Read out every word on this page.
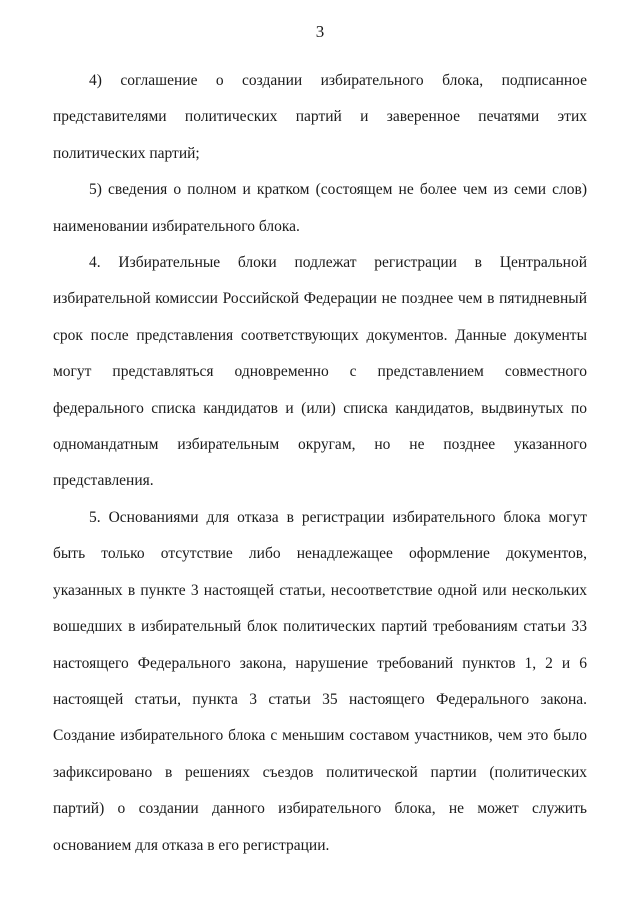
3

4) соглашение о создании избирательного блока, подписанное представителями политических партий и заверенное печатями этих политических партий;

5) сведения о полном и кратком (состоящем не более чем из семи слов) наименовании избирательного блока.

4. Избирательные блоки подлежат регистрации в Центральной избирательной комиссии Российской Федерации не позднее чем в пятидневный срок после представления соответствующих документов. Данные документы могут представляться одновременно с представлением совместного федерального списка кандидатов и (или) списка кандидатов, выдвинутых по одномандатным избирательным округам, но не позднее указанного представления.

5. Основаниями для отказа в регистрации избирательного блока могут быть только отсутствие либо ненадлежащее оформление документов, указанных в пункте 3 настоящей статьи, несоответствие одной или нескольких вошедших в избирательный блок политических партий требованиям статьи 33 настоящего Федерального закона, нарушение требований пунктов 1, 2 и 6 настоящей статьи, пункта 3 статьи 35 настоящего Федерального закона. Создание избирательного блока с меньшим составом участников, чем это было зафиксировано в решениях съездов политической партии (политических партий) о создании данного избирательного блока, не может служить основанием для отказа в его регистрации.
